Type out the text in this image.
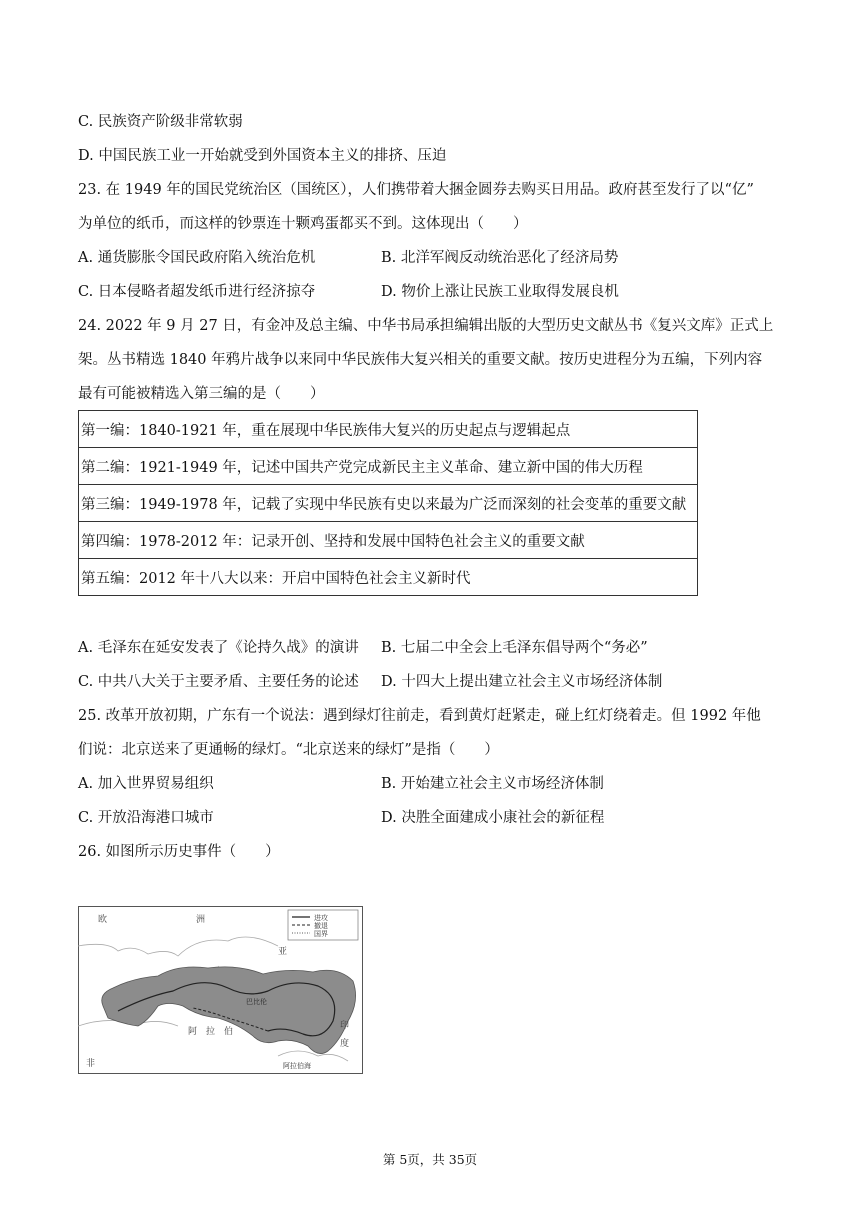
C. 民族资产阶级非常软弱
D. 中国民族工业一开始就受到外国资本主义的排挤、压迫
23. 在 1949 年的国民党统治区（国统区），人们携带着大捆金圆券去购买日用品。政府甚至发行了以“亿”
为单位的纸币，而这样的钞票连十颗鸡蛋都买不到。这体现出（　　）
A. 通货膨胀令国民政府陷入统治危机	B. 北洋军阀反动统治恶化了经济局势
C. 日本侵略者超发纸币进行经济掠夺	D. 物价上涨让民族工业取得发展良机
24. 2022 年 9 月 27 日，有金冲及总主编、中华书局承担编辑出版的大型历史文献丛书《复兴文库》正式上
架。丛书精选 1840 年鸦片战争以来同中华民族伟大复兴相关的重要文献。按历史进程分为五编，下列内容
最有可能被精选入第三编的是（　　）
第一编：1840-1921 年，重在展现中华民族伟大复兴的历史起点与逻辑起点
第二编：1921-1949 年，记述中国共产党完成新民主主义革命、建立新中国的伟大历程
第三编：1949-1978 年，记载了实现中华民族有史以来最为广泛而深刻的社会变革的重要文献
第四编：1978-2012 年：记录开创、坚持和发展中国特色社会主义的重要文献
第五编：2012 年十八大以来：开启中国特色社会主义新时代
A. 毛泽东在延安发表了《论持久战》的演讲 B. 七届二中全会上毛泽东倡导两个“务必”
C. 中共八大关于主要矛盾、主要任务的论述 D. 十四大上提出建立社会主义市场经济体制
25. 改革开放初期，广东有一个说法：遇到绿灯往前走，看到黄灯赶紧走，碰上红灯绕着走。但 1992 年他
们说：北京送来了更通畅的绿灯。“北京送来的绿灯”是指（　　）
A. 加入世界贸易组织	B. 开始建立社会主义市场经济体制
C. 开放沿海港口城市	D. 决胜全面建成小康社会的新征程
26. 如图所示历史事件（　　）
进攻
撤退
国界
欧	洲
亚
印
度
阿 拉 伯
非
巴比伦
阿拉伯海
第 5页，共 35页
